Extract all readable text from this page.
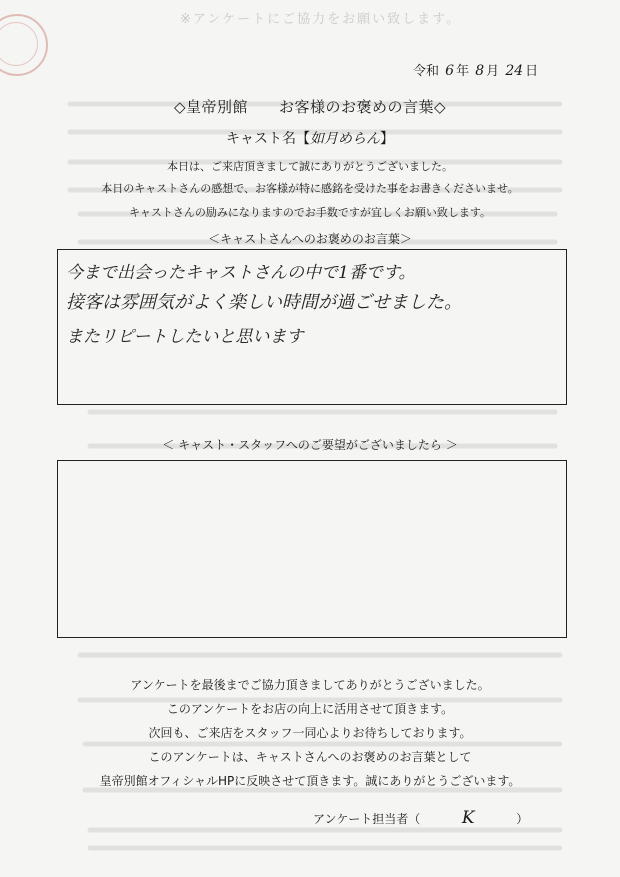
※アンケートにご協力をお願い致します。
令和 6 年 8 月 24 日
◇皇帝別館　　お客様のお褒めの言葉◇
キャスト名【如月めらん】
本日は、ご来店頂きまして誠にありがとうございました。
本日のキャストさんの感想で、お客様が特に感銘を受けた事をお書きくださいませ。
キャストさんの励みになりますのでお手数ですが宜しくお願い致します。
＜キャストさんへのお褒めのお言葉＞
今まで出会ったキャストさんの中で1番です。
接客は雰囲気がよく楽しい時間が過ごせました。
またリピートしたいと思います
＜ キャスト・スタッフへのご要望がございましたら ＞
アンケートを最後までご協力頂きましてありがとうございました。
このアンケートをお店の向上に活用させて頂きます。
次回も、ご来店をスタッフ一同心よりお待ちしております。
このアンケートは、キャストさんへのお褒めのお言葉として
皇帝別館オフィシャルHPに反映させて頂きます。誠にありがとうございます。
アンケート担当者（ K	）
